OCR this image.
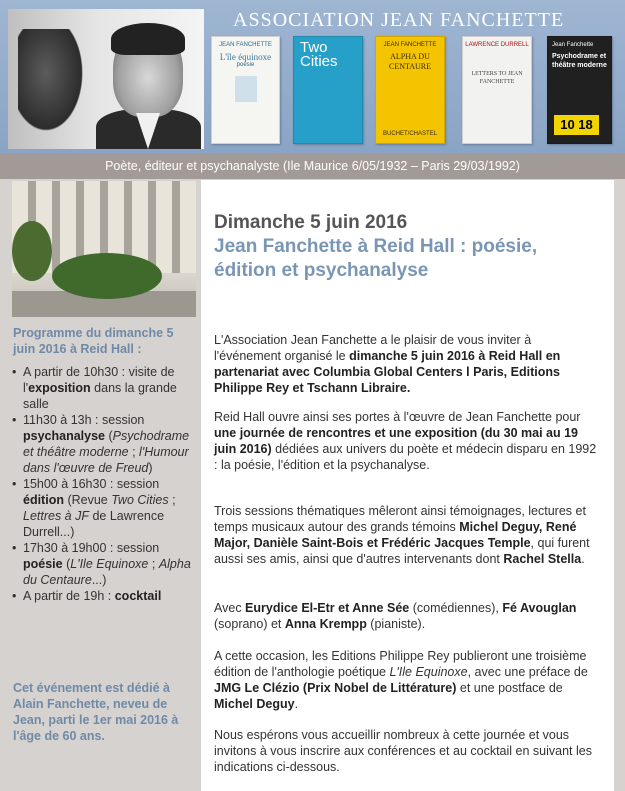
ASSOCIATION JEAN FANCHETTE
JEAN FANCHETTE
L'île équinoxe
poésie
Two Cities
JEAN FANCHETTE
ALPHA DU CENTAURE
BUCHET/CHASTEL
LAWRENCE DURRELL
LETTERS TO JEAN FANCHETTE
Jean Fanchette
Psychodrame et théâtre moderne
10 18
Poète, éditeur et psychanalyste (Ile Maurice 6/05/1932 – Paris 29/03/1992)
Programme du dimanche 5 juin 2016 à Reid Hall :
• A partir de 10h30 : visite de l'exposition dans la grande salle
• 11h30 à 13h : session psychanalyse (Psychodrame et théâtre moderne ; l'Humour dans l'œuvre de Freud)
• 15h00 à 16h30 : session édition (Revue Two Cities ; Lettres à JF de Lawrence Durrell...)
• 17h30 à 19h00 : session poésie (L'Ile Equinoxe ; Alpha du Centaure...)
• A partir de 19h : cocktail
Cet événement est dédié à Alain Fanchette, neveu de Jean, parti le 1er mai 2016 à l'âge de 60 ans.
Dimanche 5 juin 2016
Jean Fanchette à Reid Hall : poésie, édition et psychanalyse

L'Association Jean Fanchette a le plaisir de vous inviter à l'événement organisé le dimanche 5 juin 2016 à Reid Hall en partenariat avec Columbia Global Centers l Paris, Editions Philippe Rey et Tschann Libraire.

Reid Hall ouvre ainsi ses portes à l'œuvre de Jean Fanchette pour une journée de rencontres et une exposition (du 30 mai au 19 juin 2016) dédiées aux univers du poète et médecin disparu en 1992 : la poésie, l'édition et la psychanalyse.

Trois sessions thématiques mêleront ainsi témoignages, lectures et temps musicaux autour des grands témoins Michel Deguy, René Major, Danièle Saint-Bois et Frédéric Jacques Temple, qui furent aussi ses amis, ainsi que d'autres intervenants dont Rachel Stella.

Avec Eurydice El-Etr et Anne Sée (comédiennes), Fé Avouglan (soprano) et Anna Krempp (pianiste).

A cette occasion, les Editions Philippe Rey publieront une troisième édition de l'anthologie poétique L'Ile Equinoxe, avec une préface de JMG Le Clézio (Prix Nobel de Littérature) et une postface de Michel Deguy.

Nous espérons vous accueillir nombreux à cette journée et vous invitons à vous inscrire aux conférences et au cocktail en suivant les indications ci-dessous.
